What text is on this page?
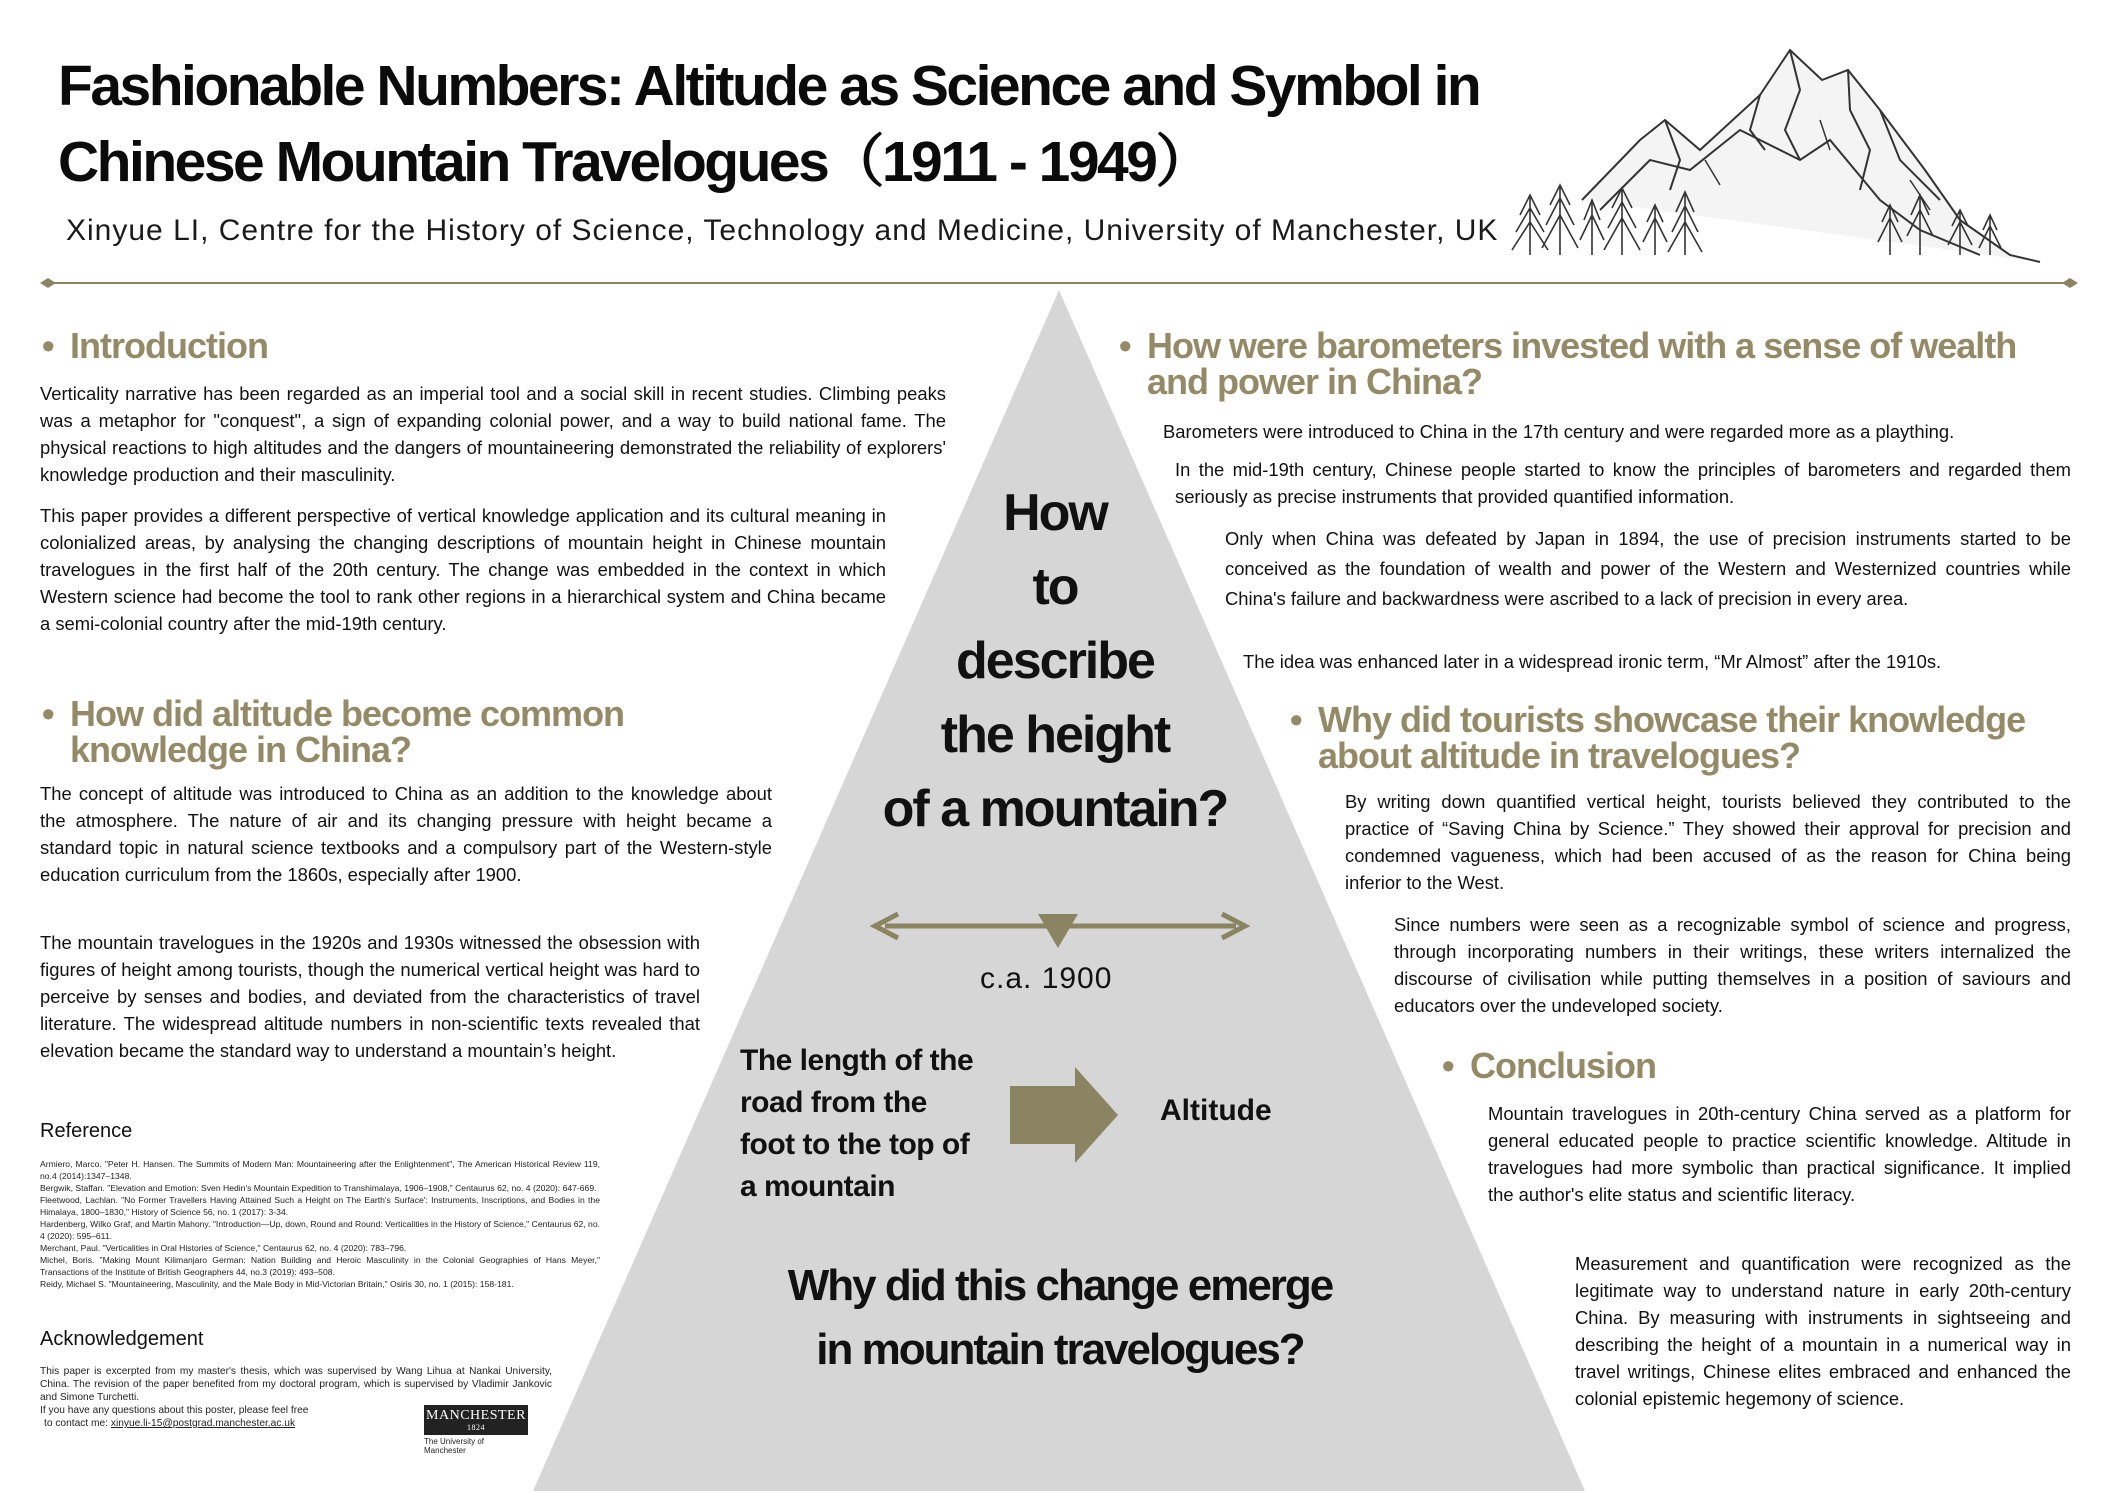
Fashionable Numbers: Altitude as Science and Symbol in
Chinese Mountain Travelogues（1911 - 1949）
Xinyue LI, Centre for the History of Science, Technology and Medicine, University of Manchester, UK
• Introduction
Verticality narrative has been regarded as an imperial tool and a social skill in recent studies. Climbing peaks was a metaphor for "conquest", a sign of expanding colonial power, and a way to build national fame. The physical reactions to high altitudes and the dangers of mountaineering demonstrated the reliability of explorers' knowledge production and their masculinity.
This paper provides a different perspective of vertical knowledge application and its cultural meaning in colonialized areas, by analysing the changing descriptions of mountain height in Chinese mountain travelogues in the first half of the 20th century. The change was embedded in the context in which Western science had become the tool to rank other regions in a hierarchical system and China became a semi-colonial country after the mid-19th century.
• How did altitude become common knowledge in China?
The concept of altitude was introduced to China as an addition to the knowledge about the atmosphere. The nature of air and its changing pressure with height became a standard topic in natural science textbooks and a compulsory part of the Western-style education curriculum from the 1860s, especially after 1900.
The mountain travelogues in the 1920s and 1930s witnessed the obsession with figures of height among tourists, though the numerical vertical height was hard to perceive by senses and bodies, and deviated from the characteristics of travel literature. The widespread altitude numbers in non-scientific texts revealed that elevation became the standard way to understand a mountain’s height.
Reference
Armiero, Marco. "Peter H. Hansen. The Summits of Modern Man: Mountaineering after the Enlightenment", The American Historical Review 119, no.4 (2014):1347–1348.
Bergwik, Staffan. "Elevation and Emotion: Sven Hedin's Mountain Expedition to Transhimalaya, 1906–1908," Centaurus 62, no. 4 (2020): 647-669.
Fleetwood, Lachlan. "No Former Travellers Having Attained Such a Height on The Earth's Surface': Instruments, Inscriptions, and Bodies in the Himalaya, 1800–1830," History of Science 56, no. 1 (2017): 3-34.
Hardenberg, Wilko Graf, and Martin Mahony. "Introduction—Up, down, Round and Round: Verticalities in the History of Science," Centaurus 62, no. 4 (2020): 595–611.
Merchant, Paul. "Verticalities in Oral Histories of Science," Centaurus 62, no. 4 (2020): 783–796.
Michel, Boris. "Making Mount Kilimanjaro German: Nation Building and Heroic Masculinity in the Colonial Geographies of Hans Meyer," Transactions of the Institute of British Geographers 44, no.3 (2019): 493–508.
Reidy, Michael S. "Mountaineering, Masculinity, and the Male Body in Mid-Victorian Britain," Osiris 30, no. 1 (2015): 158-181.
Acknowledgement
This paper is excerpted from my master's thesis, which was supervised by Wang Lihua at Nankai University, China. The revision of the paper benefited from my doctoral program, which is supervised by Vladimir Jankovic and Simone Turchetti.
If you have any questions about this poster, please feel free
to contact me: xinyue.li-15@postgrad.manchester.ac.uk
MANCHESTER
1824
The University of Manchester
How
to
describe
the height
of a mountain?
c.a. 1900
The length of the
road from the
foot to the top of
a mountain
Altitude
Why did this change emerge
in mountain travelogues?
• How were barometers invested with a sense of wealth
and power in China?
Barometers were introduced to China in the 17th century and were regarded more as a plaything.
In the mid-19th century, Chinese people started to know the principles of barometers and regarded them seriously as precise instruments that provided quantified information.
Only when China was defeated by Japan in 1894, the use of precision instruments started to be conceived as the foundation of wealth and power of the Western and Westernized countries while China's failure and backwardness were ascribed to a lack of precision in every area.
The idea was enhanced later in a widespread ironic term, “Mr Almost” after the 1910s.
• Why did tourists showcase their knowledge
about altitude in travelogues?
By writing down quantified vertical height, tourists believed they contributed to the practice of “Saving China by Science.” They showed their approval for precision and condemned vagueness, which had been accused of as the reason for China being inferior to the West.
Since numbers were seen as a recognizable symbol of science and progress, through incorporating numbers in their writings, these writers internalized the discourse of civilisation while putting themselves in a position of saviours and educators over the undeveloped society.
• Conclusion
Mountain travelogues in 20th-century China served as a platform for general educated people to practice scientific knowledge. Altitude in travelogues had more symbolic than practical significance. It implied the author's elite status and scientific literacy.
Measurement and quantification were recognized as the legitimate way to understand nature in early 20th-century China. By measuring with instruments in sightseeing and describing the height of a mountain in a numerical way in travel writings, Chinese elites embraced and enhanced the colonial epistemic hegemony of science.
